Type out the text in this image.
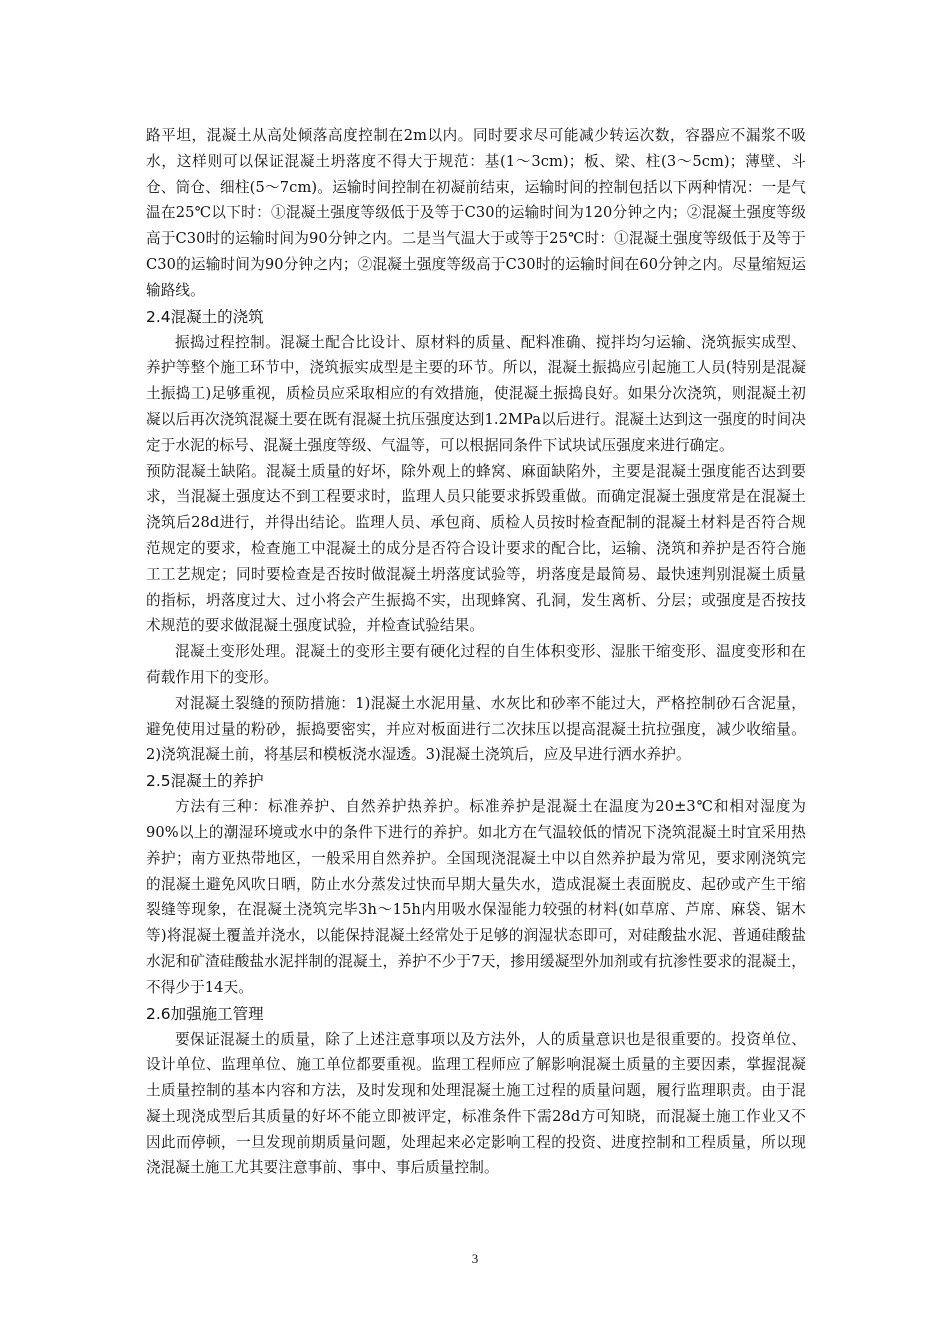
路平坦，混凝土从高处倾落高度控制在2m以内。同时要求尽可能减少转运次数，容器应不漏浆不吸水，这样则可以保证混凝土坍落度不得大于规范：基(1～3cm)；板、梁、柱(3～5cm)；薄壁、斗仓、筒仓、细柱(5～7cm)。运输时间控制在初凝前结束，运输时间的控制包括以下两种情况：一是气温在25℃以下时：①混凝土强度等级低于及等于C30的运输时间为120分钟之内；②混凝土强度等级高于C30时的运输时间为90分钟之内。二是当气温大于或等于25℃时：①混凝土强度等级低于及等于C30的运输时间为90分钟之内；②混凝土强度等级高于C30时的运输时间在60分钟之内。尽量缩短运输路线。

2.4混凝土的浇筑

振捣过程控制。混凝土配合比设计、原材料的质量、配料准确、搅拌均匀运输、浇筑振实成型、养护等整个施工环节中，浇筑振实成型是主要的环节。所以，混凝土振捣应引起施工人员(特别是混凝土振捣工)足够重视，质检员应采取相应的有效措施，使混凝土振捣良好。如果分次浇筑，则混凝土初凝以后再次浇筑混凝土要在既有混凝土抗压强度达到1.2MPa以后进行。混凝土达到这一强度的时间决定于水泥的标号、混凝土强度等级、气温等，可以根据同条件下试块试压强度来进行确定。

预防混凝土缺陷。混凝土质量的好坏，除外观上的蜂窝、麻面缺陷外，主要是混凝土强度能否达到要求，当混凝土强度达不到工程要求时，监理人员只能要求拆毁重做。而确定混凝土强度常是在混凝土浇筑后28d进行，并得出结论。监理人员、承包商、质检人员按时检查配制的混凝土材料是否符合规范规定的要求，检查施工中混凝土的成分是否符合设计要求的配合比，运输、浇筑和养护是否符合施工工艺规定；同时要检查是否按时做混凝土坍落度试验等，坍落度是最简易、最快速判别混凝土质量的指标，坍落度过大、过小将会产生振捣不实，出现蜂窝、孔洞，发生离析、分层；或强度是否按技术规范的要求做混凝土强度试验，并检查试验结果。

混凝土变形处理。混凝土的变形主要有硬化过程的自生体积变形、湿胀干缩变形、温度变形和在荷载作用下的变形。

对混凝土裂缝的预防措施：1)混凝土水泥用量、水灰比和砂率不能过大，严格控制砂石含泥量，避免使用过量的粉砂，振捣要密实，并应对板面进行二次抹压以提高混凝土抗拉强度，减少收缩量。2)浇筑混凝土前，将基层和模板浇水湿透。3)混凝土浇筑后，应及早进行洒水养护。

2.5混凝土的养护

方法有三种：标准养护、自然养护热养护。标准养护是混凝土在温度为20±3℃和相对湿度为90%以上的潮湿环境或水中的条件下进行的养护。如北方在气温较低的情况下浇筑混凝土时宜采用热养护；南方亚热带地区，一般采用自然养护。全国现浇混凝土中以自然养护最为常见，要求刚浇筑完的混凝土避免风吹日晒，防止水分蒸发过快而早期大量失水，造成混凝土表面脱皮、起砂或产生干缩裂缝等现象，在混凝土浇筑完毕3h～15h内用吸水保湿能力较强的材料(如草席、芦席、麻袋、锯木等)将混凝土覆盖并浇水，以能保持混凝土经常处于足够的润湿状态即可，对硅酸盐水泥、普通硅酸盐水泥和矿渣硅酸盐水泥拌制的混凝土，养护不少于7天，掺用缓凝型外加剂或有抗渗性要求的混凝土，不得少于14天。

2.6加强施工管理

要保证混凝土的质量，除了上述注意事项以及方法外，人的质量意识也是很重要的。投资单位、设计单位、监理单位、施工单位都要重视。监理工程师应了解影响混凝土质量的主要因素，掌握混凝土质量控制的基本内容和方法，及时发现和处理混凝土施工过程的质量问题，履行监理职责。由于混凝土现浇成型后其质量的好坏不能立即被评定，标准条件下需28d方可知晓，而混凝土施工作业又不因此而停顿，一旦发现前期质量问题，处理起来必定影响工程的投资、进度控制和工程质量，所以现浇混凝土施工尤其要注意事前、事中、事后质量控制。

3
